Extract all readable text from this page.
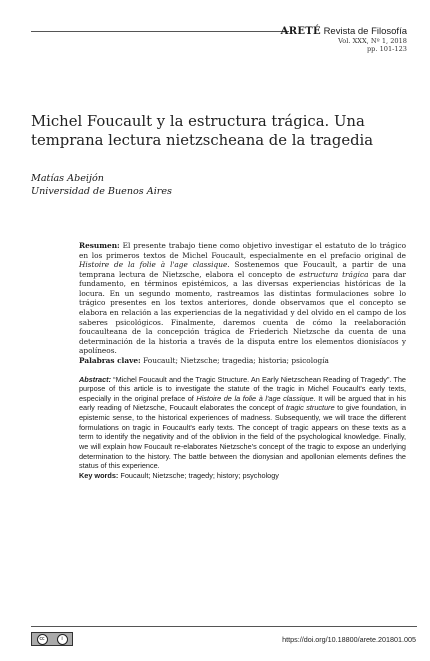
ARETÉ Revista de Filosofía
Vol. XXX, Nº 1, 2018
pp. 101-123
Michel Foucault y la estructura trágica. Una temprana lectura nietzscheana de la tragedia
Matías Abeijón
Universidad de Buenos Aires

Resumen: El presente trabajo tiene como objetivo investigar el estatuto de lo trágico en los primeros textos de Michel Foucault, especialmente en el prefacio original de Histoire de la folie à l'age classique. Sostenemos que Foucault, a partir de una temprana lectura de Nietzsche, elabora el concepto de estructura trágica para dar fundamento, en términos epistémicos, a las diversas experiencias históricas de la locura. En un segundo momento, rastreamos las distintas formulaciones sobre lo trágico presentes en los textos anteriores, donde observamos que el concepto se elabora en relación a las experiencias de la negatividad y del olvido en el campo de los saberes psicológicos. Finalmente, daremos cuenta de cómo la reelaboración foucaulteana de la concepción trágica de Friederich Nietzsche da cuenta de una determinación de la historia a través de la disputa entre los elementos dionisíacos y apolíneos.

Palabras clave: Foucault; Nietzsche; tragedia; historia; psicología

Abstract: “Michel Foucault and the Tragic Structure. An Early Nietzschean Reading of Tragedy”. The purpose of this article is to investigate the statute of the tragic in Michel Foucault's early texts, especially in the original preface of Histoire de la folie à l'age classique. It will be argued that in his early reading of Nietzsche, Foucault elaborates the concept of tragic structure to give foundation, in epistemic sense, to the historical experiences of madness. Subsequently, we will trace the different formulations on tragic in Foucault's early texts. The concept of tragic appears on these texts as a term to identify the negativity and of the oblivion in the field of the psychological knowledge. Finally, we will explain how Foucault re-elaborates Nietzsche's concept of the tragic to expose an underlying determination to the history. The battle between the dionysian and apollonian elements defines the status of this experience.

Key words: Foucault; Nietzsche; tragedy; history; psychology

cc	i	https://doi.org/10.18800/arete.201801.005
